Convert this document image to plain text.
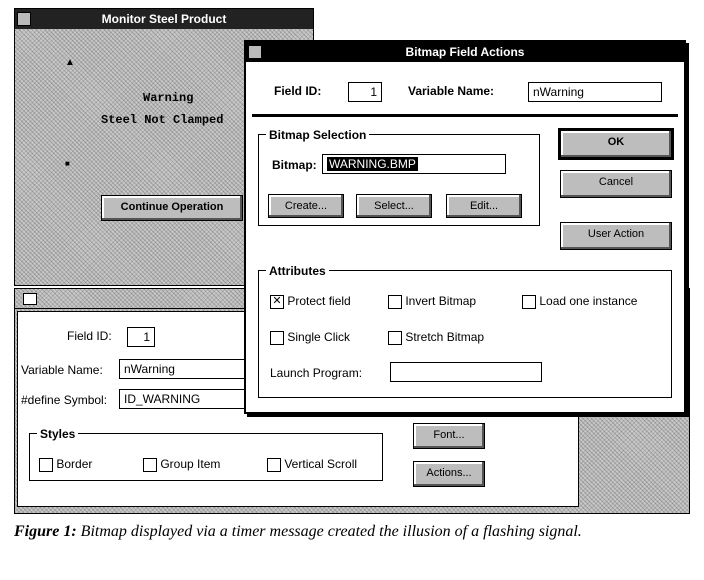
Monitor Steel Product
▲
Warning
Steel Not Clamped
■
Continue Operation
Field ID:	1
Variable Name:	nWarning
#define Symbol:	ID_WARNING
Styles
Border	Group Item	Vertical Scroll
Font...
Actions...
Bitmap Field Actions
Field ID:	1	Variable Name:	nWarning
Bitmap Selection
Bitmap:	WARNING.BMP
Create...	Select...	Edit...
OK
Cancel
User Action
Attributes
✕ Protect field	Invert Bitmap	Load one instance
Single Click	Stretch Bitmap
Launch Program:
Figure 1: Bitmap displayed via a timer message created the illusion of a flashing signal.
